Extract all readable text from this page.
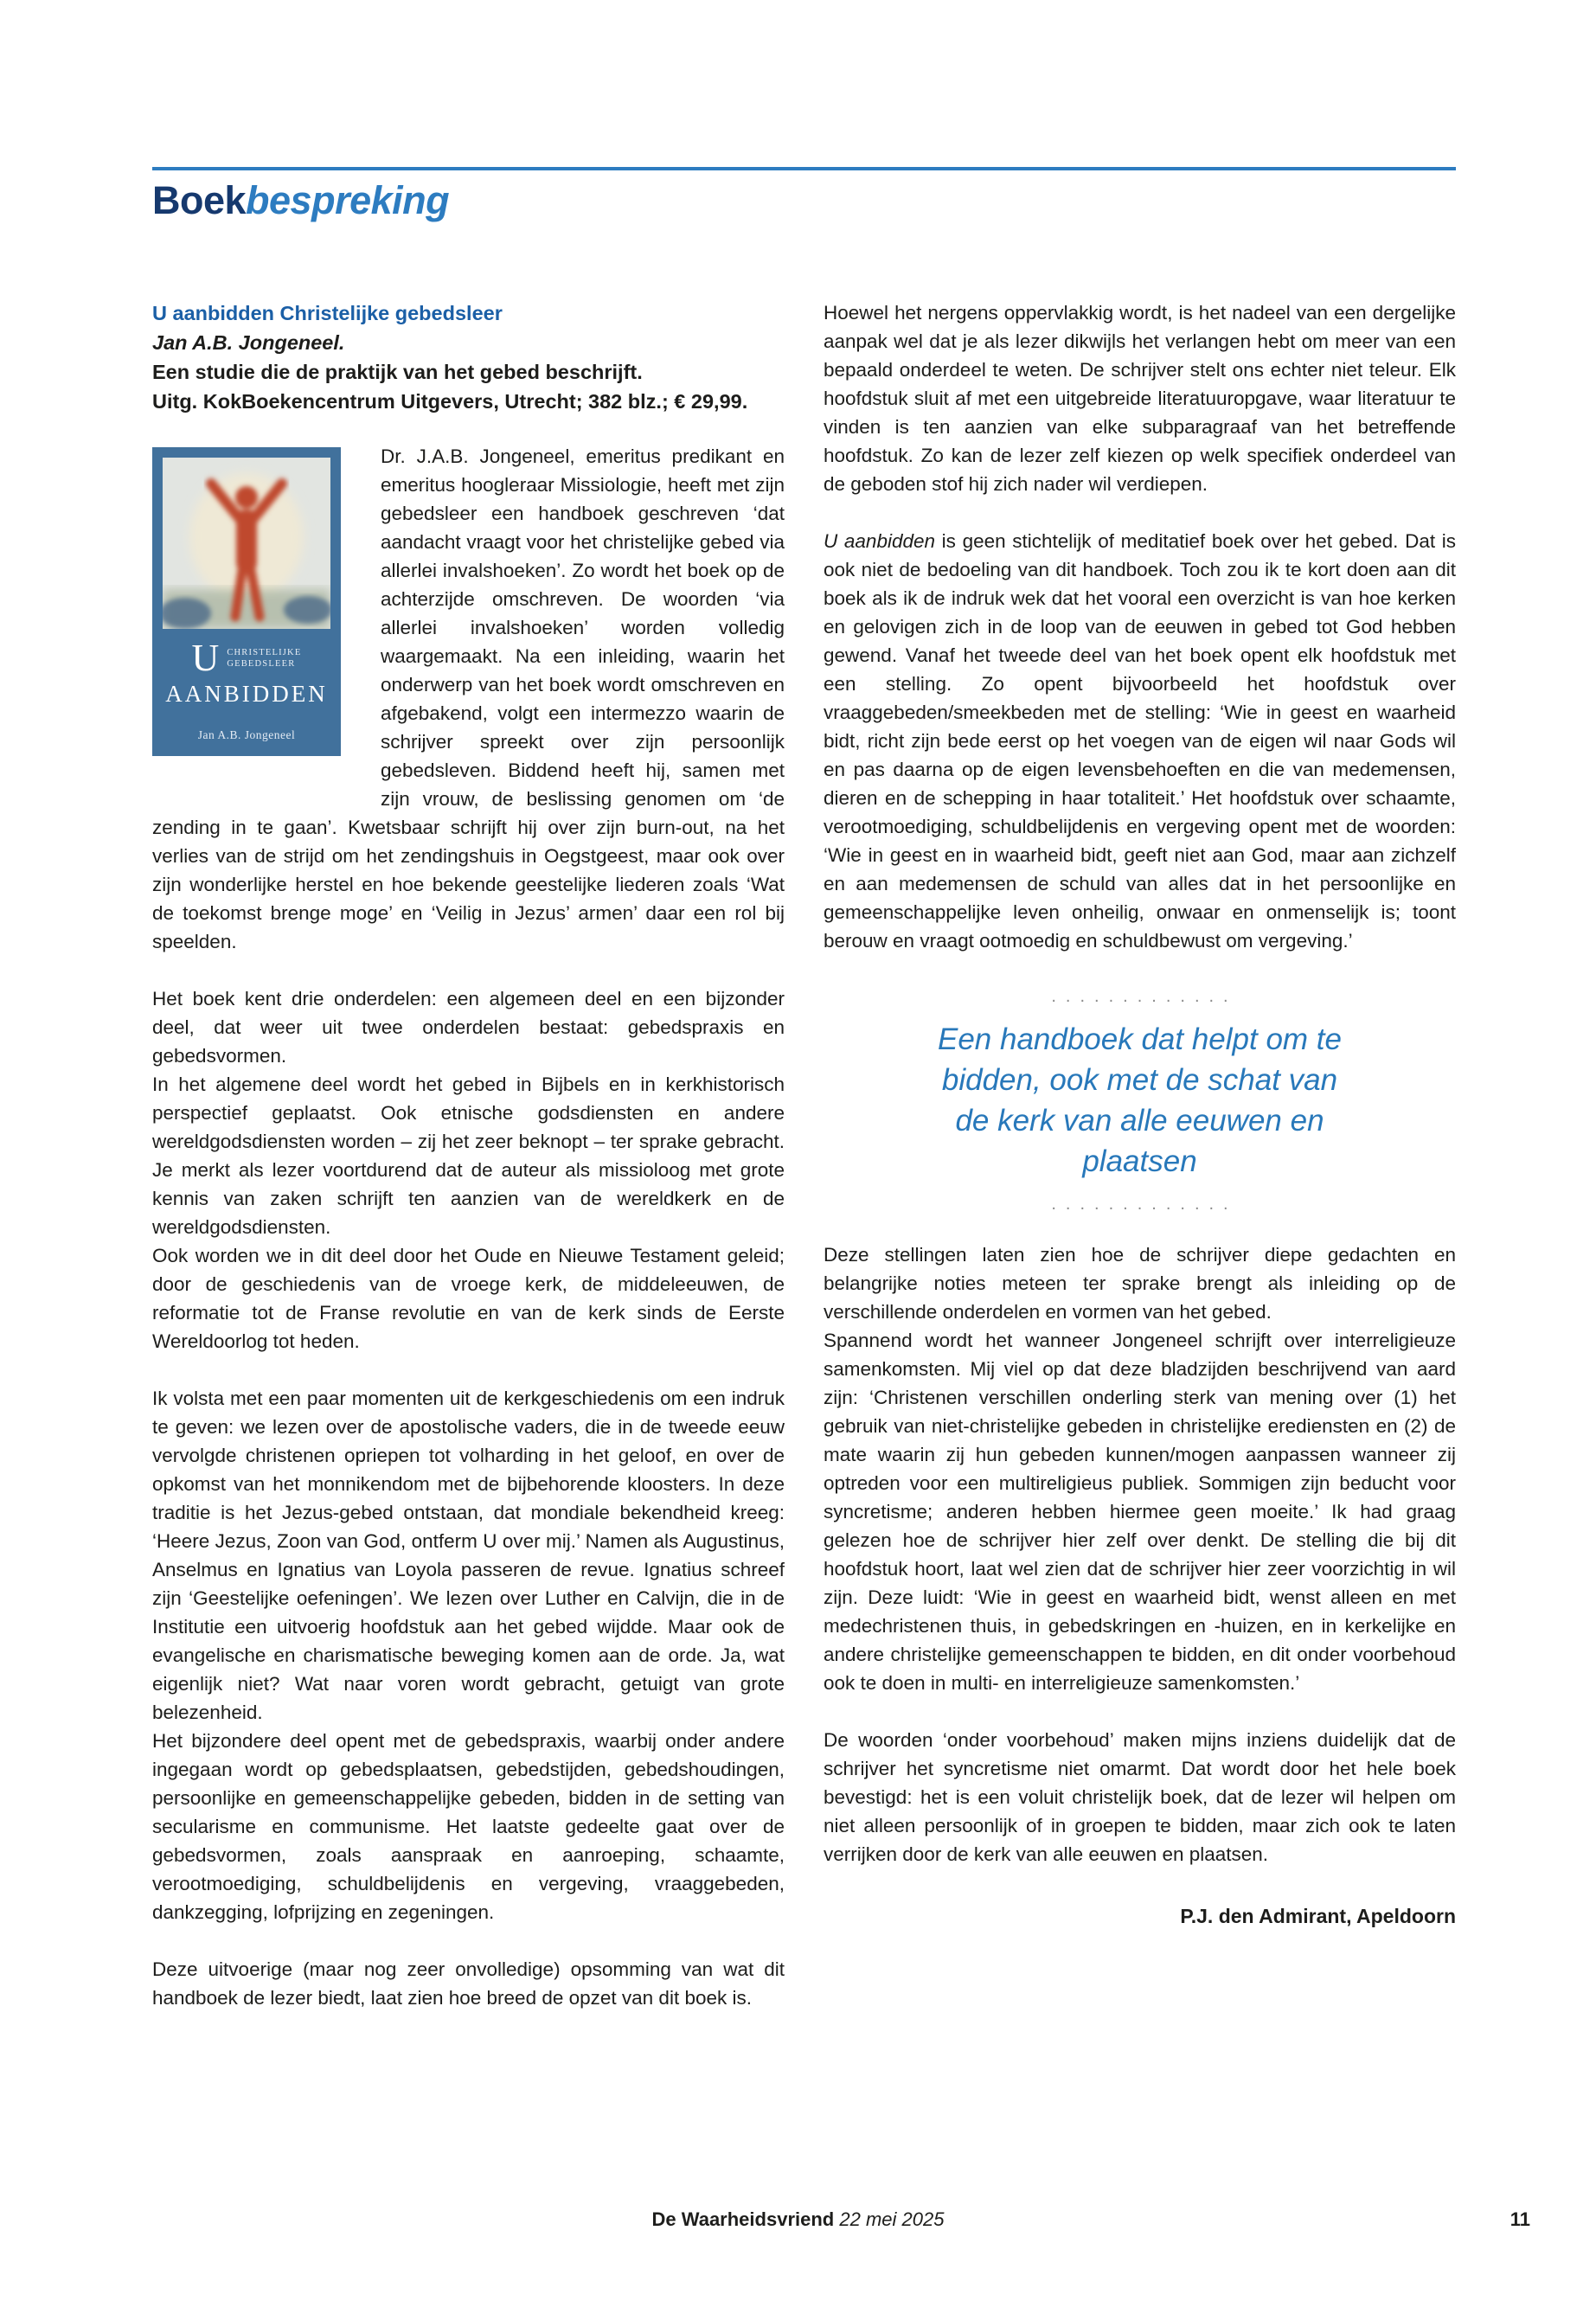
Boekbespreking
U aanbidden Christelijke gebedsleer
Jan A.B. Jongeneel.
Een studie die de praktijk van het gebed beschrijft.
Uitg. KokBoekencentrum Uitgevers, Utrecht; 382 blz.; € 29,99.
U CHRISTELIJKE
GEBEDSLEER
AANBIDDEN
Jan A.B. Jongeneel

Dr. J.A.B. Jongeneel, emeritus predikant en emeritus hoogleraar Missiologie, heeft met zijn gebedsleer een handboek geschreven ‘dat aandacht vraagt voor het christelijke gebed via allerlei invalshoeken’. Zo wordt het boek op de achterzijde omschreven. De woorden ‘via allerlei invalshoeken’ worden volledig waargemaakt. Na een inleiding, waarin het onderwerp van het boek wordt omschreven en afgebakend, volgt een intermezzo waarin de schrijver spreekt over zijn persoonlijk gebedsleven. Biddend heeft hij, samen met zijn vrouw, de beslissing genomen om ‘de zending in te gaan’. Kwetsbaar schrijft hij over zijn burn-out, na het verlies van de strijd om het zendingshuis in Oegstgeest, maar ook over zijn wonderlijke herstel en hoe bekende geestelijke liederen zoals ‘Wat de toekomst brenge moge’ en ‘Veilig in Jezus’ armen’ daar een rol bij speelden.

Het boek kent drie onderdelen: een algemeen deel en een bijzonder deel, dat weer uit twee onderdelen bestaat: gebedspraxis en gebedsvormen.

In het algemene deel wordt het gebed in Bijbels en in kerkhistorisch perspectief geplaatst. Ook etnische godsdiensten en andere wereldgodsdiensten worden – zij het zeer beknopt – ter sprake gebracht. Je merkt als lezer voortdurend dat de auteur als missioloog met grote kennis van zaken schrijft ten aanzien van de wereldkerk en de wereldgodsdiensten.

Ook worden we in dit deel door het Oude en Nieuwe Testament geleid; door de geschiedenis van de vroege kerk, de middeleeuwen, de reformatie tot de Franse revolutie en van de kerk sinds de Eerste Wereldoorlog tot heden.

Ik volsta met een paar momenten uit de kerkgeschiedenis om een indruk te geven: we lezen over de apostolische vaders, die in de tweede eeuw vervolgde christenen opriepen tot volharding in het geloof, en over de opkomst van het monnikendom met de bijbehorende kloosters. In deze traditie is het Jezus-gebed ontstaan, dat mondiale bekendheid kreeg: ‘Heere Jezus, Zoon van God, ontferm U over mij.’ Namen als Augustinus, Anselmus en Ignatius van Loyola passeren de revue. Ignatius schreef zijn ‘Geestelijke oefeningen’. We lezen over Luther en Calvijn, die in de Institutie een uitvoerig hoofdstuk aan het gebed wijdde. Maar ook de evangelische en charismatische beweging komen aan de orde. Ja, wat eigenlijk niet? Wat naar voren wordt gebracht, getuigt van grote belezenheid.

Het bijzondere deel opent met de gebedspraxis, waarbij onder andere ingegaan wordt op gebedsplaatsen, gebedstijden, gebedshoudingen, persoonlijke en gemeenschappelijke gebeden, bidden in de setting van secularisme en communisme. Het laatste gedeelte gaat over de gebedsvormen, zoals aanspraak en aanroeping, schaamte, verootmoediging, schuldbelijdenis en vergeving, vraaggebeden, dankzegging, lofprijzing en zegeningen.

Deze uitvoerige (maar nog zeer onvolledige) opsomming van wat dit handboek de lezer biedt, laat zien hoe breed de opzet van dit boek is.

Hoewel het nergens oppervlakkig wordt, is het nadeel van een dergelijke aanpak wel dat je als lezer dikwijls het verlangen hebt om meer van een bepaald onderdeel te weten. De schrijver stelt ons echter niet teleur. Elk hoofdstuk sluit af met een uitgebreide literatuuropgave, waar literatuur te vinden is ten aanzien van elke subparagraaf van het betreffende hoofdstuk. Zo kan de lezer zelf kiezen op welk specifiek onderdeel van de geboden stof hij zich nader wil verdiepen.

U aanbidden is geen stichtelijk of meditatief boek over het gebed. Dat is ook niet de bedoeling van dit handboek. Toch zou ik te kort doen aan dit boek als ik de indruk wek dat het vooral een overzicht is van hoe kerken en gelovigen zich in de loop van de eeuwen in gebed tot God hebben gewend. Vanaf het tweede deel van het boek opent elk hoofdstuk met een stelling. Zo opent bijvoorbeeld het hoofdstuk over vraaggebeden/smeekbeden met de stelling: ‘Wie in geest en waarheid bidt, richt zijn bede eerst op het voegen van de eigen wil naar Gods wil en pas daarna op de eigen levensbehoeften en die van medemensen, dieren en de schepping in haar totaliteit.’ Het hoofdstuk over schaamte, verootmoediging, schuldbelijdenis en vergeving opent met de woorden: ‘Wie in geest en in waarheid bidt, geeft niet aan God, maar aan zichzelf en aan medemensen de schuld van alles dat in het persoonlijke en gemeenschappelijke leven onheilig, onwaar en onmenselijk is; toont berouw en vraagt ootmoedig en schuldbewust om vergeving.’

.............
Een handboek dat helpt om te bidden, ook met de schat van de kerk van alle eeuwen en plaatsen
.............

Deze stellingen laten zien hoe de schrijver diepe gedachten en belangrijke noties meteen ter sprake brengt als inleiding op de verschillende onderdelen en vormen van het gebed.

Spannend wordt het wanneer Jongeneel schrijft over interreligieuze samenkomsten. Mij viel op dat deze bladzijden beschrijvend van aard zijn: ‘Christenen verschillen onderling sterk van mening over (1) het gebruik van niet-christelijke gebeden in christelijke erediensten en (2) de mate waarin zij hun gebeden kunnen/mogen aanpassen wanneer zij optreden voor een multireligieus publiek. Sommigen zijn beducht voor syncretisme; anderen hebben hiermee geen moeite.’ Ik had graag gelezen hoe de schrijver hier zelf over denkt. De stelling die bij dit hoofdstuk hoort, laat wel zien dat de schrijver hier zeer voorzichtig in wil zijn. Deze luidt: ‘Wie in geest en waarheid bidt, wenst alleen en met medechristenen thuis, in gebedskringen en -huizen, en in kerkelijke en andere christelijke gemeenschappen te bidden, en dit onder voorbehoud ook te doen in multi- en interreligieuze samenkomsten.’

De woorden ‘onder voorbehoud’ maken mijns inziens duidelijk dat de schrijver het syncretisme niet omarmt. Dat wordt door het hele boek bevestigd: het is een voluit christelijk boek, dat de lezer wil helpen om niet alleen persoonlijk of in groepen te bidden, maar zich ook te laten verrijken door de kerk van alle eeuwen en plaatsen.

P.J. den Admirant, Apeldoorn
De Waarheidsvriend 22 mei 2025	11
